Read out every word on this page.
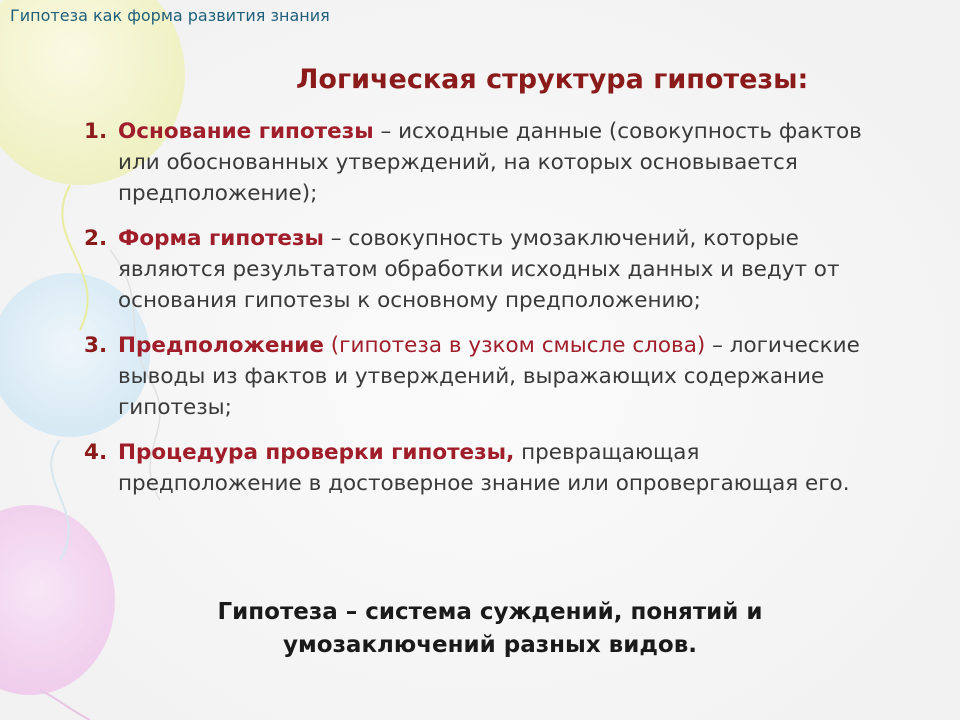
Гипотеза как форма развития знания
Логическая структура гипотезы:
1. Основание гипотезы – исходные данные (совокупность фактов или обоснованных утверждений, на которых основывается предположение);
2. Форма гипотезы – совокупность умозаключений, которые являются результатом обработки исходных данных и ведут от основания гипотезы к основному предположению;
3. Предположение (гипотеза в узком смысле слова) – логические выводы из фактов и утверждений, выражающих содержание гипотезы;
4. Процедура проверки гипотезы, превращающая предположение в достоверное знание или опровергающая его.

Гипотеза – система суждений, понятий и
умозаключений разных видов.
